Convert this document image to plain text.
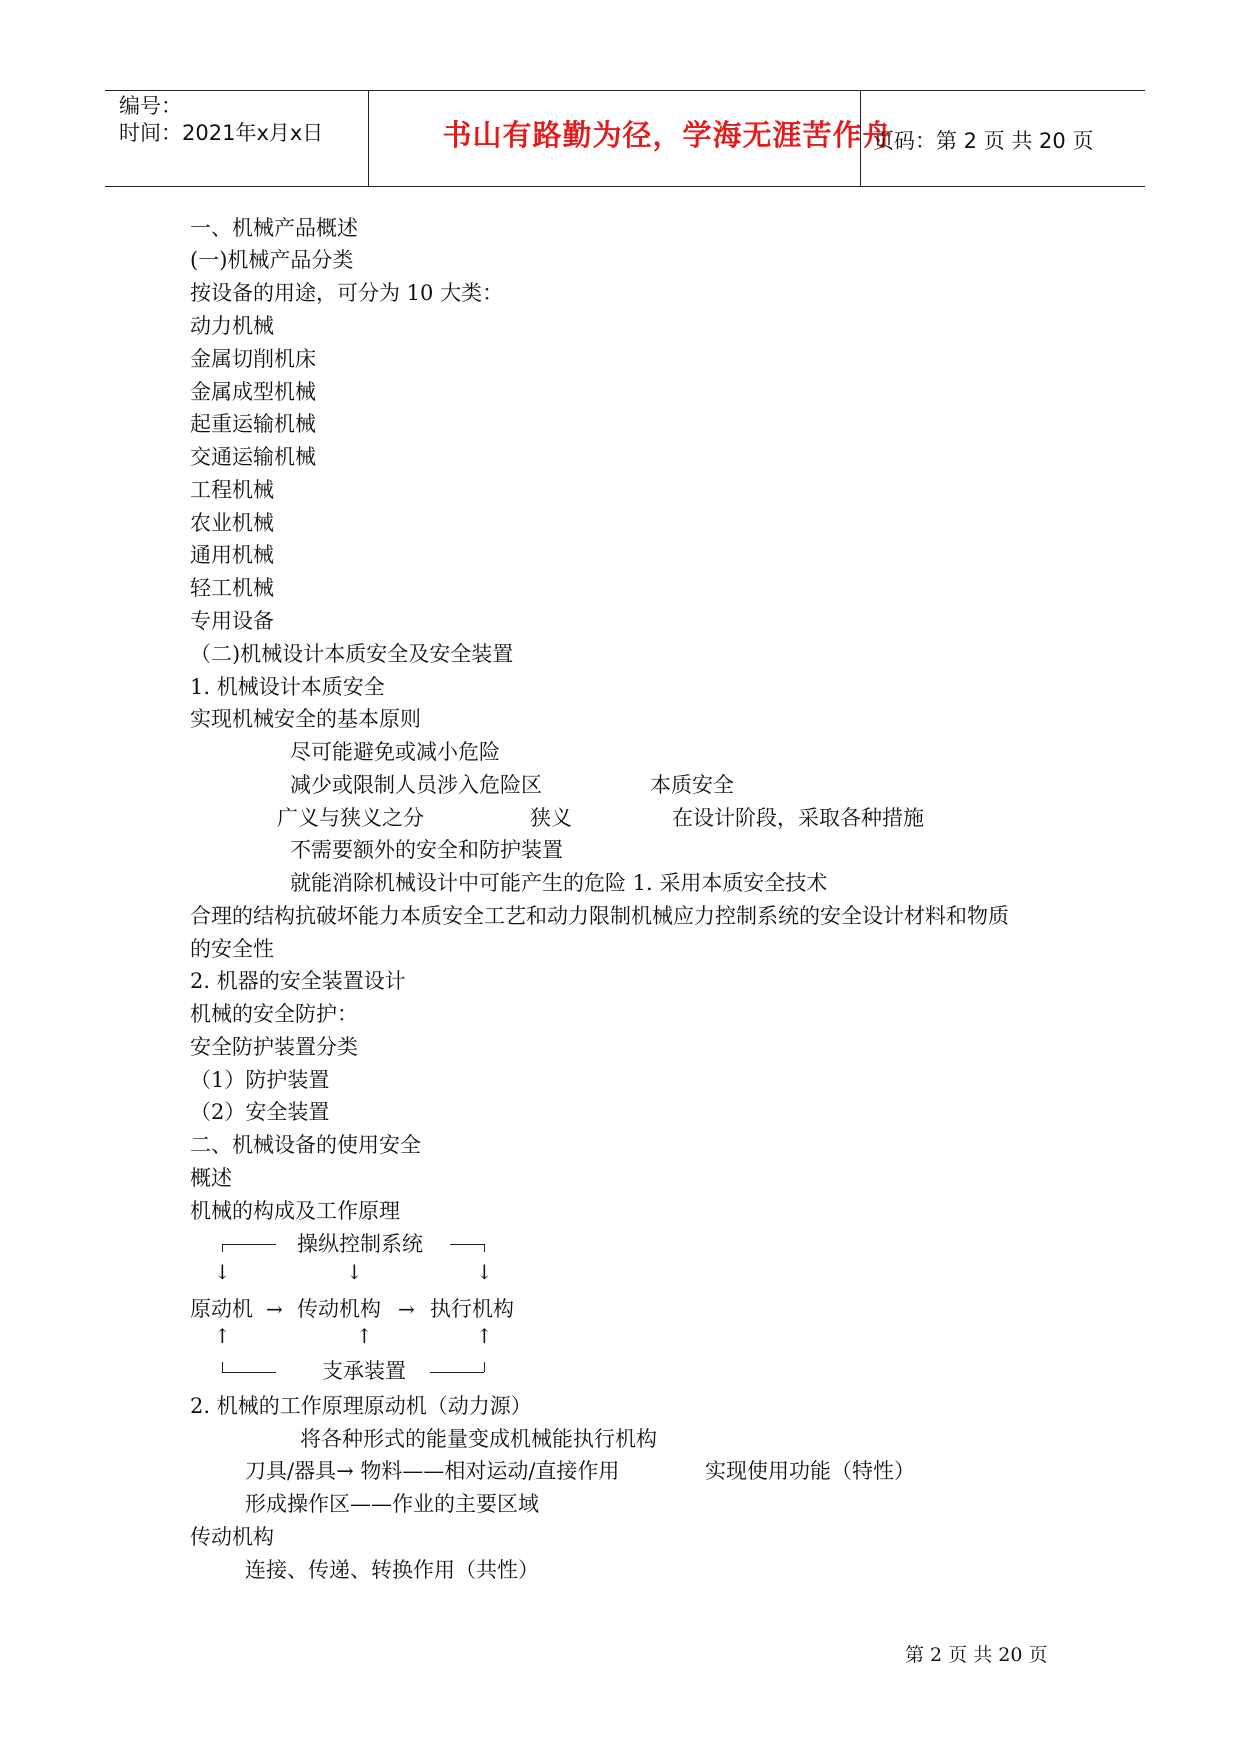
编号：
时间：2021年x月x日	书山有路勤为径，学海无涯苦作舟
页码：第 2 页 共 20 页
一、机械产品概述
(一)机械产品分类
按设备的用途，可分为 10 大类：
动力机械
金属切削机床
金属成型机械
起重运输机械
交通运输机械
工程机械
农业机械
通用机械
轻工机械
专用设备
（二)机械设计本质安全及安全装置
1. 机械设计本质安全
实现机械安全的基本原则
尽可能避免或减小危险
减少或限制人员涉入危险区	本质安全
广义与狭义之分	狭义	在设计阶段，采取各种措施
不需要额外的安全和防护装置
就能消除机械设计中可能产生的危险 1. 采用本质安全技术
合理的结构抗破坏能力本质安全工艺和动力限制机械应力控制系统的安全设计材料和物质
的安全性
2. 机器的安全装置设计
机械的安全防护：
安全防护装置分类
（1）防护装置
（2）安全装置
二、机械设备的使用安全
概述
机械的构成及工作原理
操纵控制系统
↓	↓	↓
原动机 → 传动机构 → 执行机构
↑	↑	↑
支承装置
2. 机械的工作原理原动机（动力源）
将各种形式的能量变成机械能执行机构
刀具/器具→ 物料——相对运动/直接作用	实现使用功能（特性）
形成操作区——作业的主要区域
传动机构
连接、传递、转换作用（共性）
第 2 页 共 20 页
